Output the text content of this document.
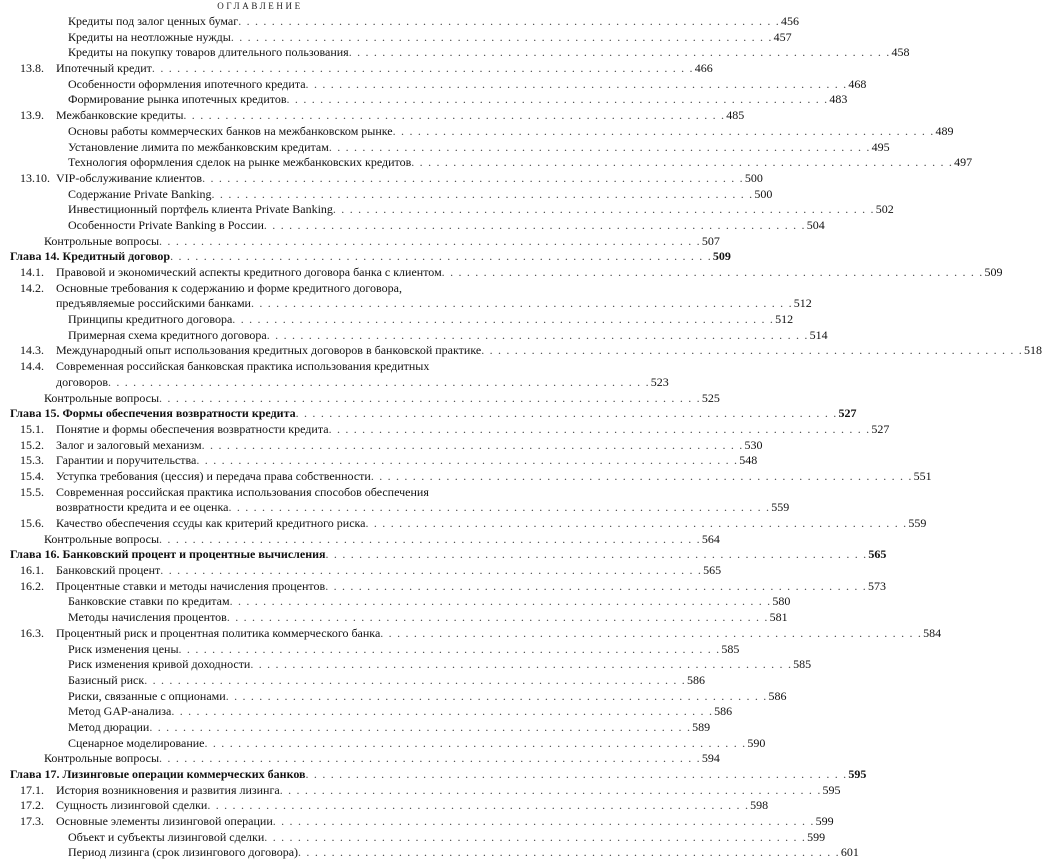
ОГЛАВЛЕНИЕ
Кредиты под залог ценных бумаг . . . . . . . . . . . . . . . . . . . . . . . . . . . . . . . . . . . . . . . . . . . . . . . . . . . . . . . . . . . . . . . . . 456
Кредиты на неотложные нужды . . . . . . . . . . . . . . . . . . . . . . . . . . . . . . . . . . . . . . . . . . . . . . . . . . . . . . . . . . . . . . . . . 457
Кредиты на покупку товаров длительного пользования . . . . . . . . . . . . . . . . . . . . . . . . . . . . . . . . . . . . . . . . . . . . . . . . . . . . . . . . . . . . . . . . . 458
13.8. Ипотечный кредит . . . . . . . . . . . . . . . . . . . . . . . . . . . . . . . . . . . . . . . . . . . . . . . . . . . . . . . . . . . . . . . . . 466
Особенности оформления ипотечного кредита . . . . . . . . . . . . . . . . . . . . . . . . . . . . . . . . . . . . . . . . . . . . . . . . . . . . . . . . . . . . . . . . . 468
Формирование рынка ипотечных кредитов . . . . . . . . . . . . . . . . . . . . . . . . . . . . . . . . . . . . . . . . . . . . . . . . . . . . . . . . . . . . . . . . . 483
13.9. Межбанковские кредиты . . . . . . . . . . . . . . . . . . . . . . . . . . . . . . . . . . . . . . . . . . . . . . . . . . . . . . . . . . . . . . . . . 485
Основы работы коммерческих банков на межбанковском рынке . . . . . . . . . . . . . . . . . . . . . . . . . . . . . . . . . . . . . . . . . . . . . . . . . . . . . . . . . . . . . . . . . 489
Установление лимита по межбанковским кредитам . . . . . . . . . . . . . . . . . . . . . . . . . . . . . . . . . . . . . . . . . . . . . . . . . . . . . . . . . . . . . . . . . 495
Технология оформления сделок на рынке межбанковских кредитов . . . . . . . . . . . . . . . . . . . . . . . . . . . . . . . . . . . . . . . . . . . . . . . . . . . . . . . . . . . . . . . . . 497
13.10. VIP-обслуживание клиентов . . . . . . . . . . . . . . . . . . . . . . . . . . . . . . . . . . . . . . . . . . . . . . . . . . . . . . . . . . . . . . . . . 500
Содержание Private Banking . . . . . . . . . . . . . . . . . . . . . . . . . . . . . . . . . . . . . . . . . . . . . . . . . . . . . . . . . . . . . . . . . 500
Инвестиционный портфель клиента Private Banking . . . . . . . . . . . . . . . . . . . . . . . . . . . . . . . . . . . . . . . . . . . . . . . . . . . . . . . . . . . . . . . . . 502
Особенности Private Banking в России . . . . . . . . . . . . . . . . . . . . . . . . . . . . . . . . . . . . . . . . . . . . . . . . . . . . . . . . . . . . . . . . . 504
Контрольные вопросы . . . . . . . . . . . . . . . . . . . . . . . . . . . . . . . . . . . . . . . . . . . . . . . . . . . . . . . . . . . . . . . . . 507
Глава 14. Кредитный договор . . . . . . . . . . . . . . . . . . . . . . . . . . . . . . . . . . . . . . . . . . . . . . . . . . . . . . . . . . . . . . . . . 509
14.1. Правовой и экономический аспекты кредитного договора банка с клиентом . . . . . . . . . . . . . . . . . . . . . . . . . . . . . . . . . . . . . . . . . . . . . . . . . . . . . . . . . . . . . . . . . 509
14.2. Основные требования к содержанию и форме кредитного договора,
предъявляемые российскими банками . . . . . . . . . . . . . . . . . . . . . . . . . . . . . . . . . . . . . . . . . . . . . . . . . . . . . . . . . . . . . . . . . 512
Принципы кредитного договора . . . . . . . . . . . . . . . . . . . . . . . . . . . . . . . . . . . . . . . . . . . . . . . . . . . . . . . . . . . . . . . . . 512
Примерная схема кредитного договора . . . . . . . . . . . . . . . . . . . . . . . . . . . . . . . . . . . . . . . . . . . . . . . . . . . . . . . . . . . . . . . . . 514
14.3. Международный опыт использования кредитных договоров в банковской практике . . . . . . . . . . . . . . . . . . . . . . . . . . . . . . . . . . . . . . . . . . . . . . . . . . . . . . . . . . . . . . . . . 518
14.4. Современная российская банковская практика использования кредитных
договоров . . . . . . . . . . . . . . . . . . . . . . . . . . . . . . . . . . . . . . . . . . . . . . . . . . . . . . . . . . . . . . . . . 523
Контрольные вопросы . . . . . . . . . . . . . . . . . . . . . . . . . . . . . . . . . . . . . . . . . . . . . . . . . . . . . . . . . . . . . . . . . 525
Глава 15. Формы обеспечения возвратности кредита . . . . . . . . . . . . . . . . . . . . . . . . . . . . . . . . . . . . . . . . . . . . . . . . . . . . . . . . . . . . . . . . . 527
15.1. Понятие и формы обеспечения возвратности кредита . . . . . . . . . . . . . . . . . . . . . . . . . . . . . . . . . . . . . . . . . . . . . . . . . . . . . . . . . . . . . . . . . 527
15.2. Залог и залоговый механизм . . . . . . . . . . . . . . . . . . . . . . . . . . . . . . . . . . . . . . . . . . . . . . . . . . . . . . . . . . . . . . . . . 530
15.3. Гарантии и поручительства . . . . . . . . . . . . . . . . . . . . . . . . . . . . . . . . . . . . . . . . . . . . . . . . . . . . . . . . . . . . . . . . . 548
15.4. Уступка требования (цессия) и передача права собственности . . . . . . . . . . . . . . . . . . . . . . . . . . . . . . . . . . . . . . . . . . . . . . . . . . . . . . . . . . . . . . . . . 551
15.5. Современная российская практика использования способов обеспечения
возвратности кредита и ее оценка . . . . . . . . . . . . . . . . . . . . . . . . . . . . . . . . . . . . . . . . . . . . . . . . . . . . . . . . . . . . . . . . . 559
15.6. Качество обеспечения ссуды как критерий кредитного риска . . . . . . . . . . . . . . . . . . . . . . . . . . . . . . . . . . . . . . . . . . . . . . . . . . . . . . . . . . . . . . . . . 559
Контрольные вопросы . . . . . . . . . . . . . . . . . . . . . . . . . . . . . . . . . . . . . . . . . . . . . . . . . . . . . . . . . . . . . . . . . 564
Глава 16. Банковский процент и процентные вычисления . . . . . . . . . . . . . . . . . . . . . . . . . . . . . . . . . . . . . . . . . . . . . . . . . . . . . . . . . . . . . . . . . 565
16.1. Банковский процент . . . . . . . . . . . . . . . . . . . . . . . . . . . . . . . . . . . . . . . . . . . . . . . . . . . . . . . . . . . . . . . . . 565
16.2. Процентные ставки и методы начисления процентов . . . . . . . . . . . . . . . . . . . . . . . . . . . . . . . . . . . . . . . . . . . . . . . . . . . . . . . . . . . . . . . . . 573
Банковские ставки по кредитам . . . . . . . . . . . . . . . . . . . . . . . . . . . . . . . . . . . . . . . . . . . . . . . . . . . . . . . . . . . . . . . . . 580
Методы начисления процентов . . . . . . . . . . . . . . . . . . . . . . . . . . . . . . . . . . . . . . . . . . . . . . . . . . . . . . . . . . . . . . . . . 581
16.3. Процентный риск и процентная политика коммерческого банка . . . . . . . . . . . . . . . . . . . . . . . . . . . . . . . . . . . . . . . . . . . . . . . . . . . . . . . . . . . . . . . . . 584
Риск изменения цены . . . . . . . . . . . . . . . . . . . . . . . . . . . . . . . . . . . . . . . . . . . . . . . . . . . . . . . . . . . . . . . . . 585
Риск изменения кривой доходности . . . . . . . . . . . . . . . . . . . . . . . . . . . . . . . . . . . . . . . . . . . . . . . . . . . . . . . . . . . . . . . . . 585
Базисный риск . . . . . . . . . . . . . . . . . . . . . . . . . . . . . . . . . . . . . . . . . . . . . . . . . . . . . . . . . . . . . . . . . 586
Риски, связанные с опционами . . . . . . . . . . . . . . . . . . . . . . . . . . . . . . . . . . . . . . . . . . . . . . . . . . . . . . . . . . . . . . . . . 586
Метод GAP-анализа . . . . . . . . . . . . . . . . . . . . . . . . . . . . . . . . . . . . . . . . . . . . . . . . . . . . . . . . . . . . . . . . . 586
Метод дюрации . . . . . . . . . . . . . . . . . . . . . . . . . . . . . . . . . . . . . . . . . . . . . . . . . . . . . . . . . . . . . . . . . 589
Сценарное моделирование . . . . . . . . . . . . . . . . . . . . . . . . . . . . . . . . . . . . . . . . . . . . . . . . . . . . . . . . . . . . . . . . . 590
Контрольные вопросы . . . . . . . . . . . . . . . . . . . . . . . . . . . . . . . . . . . . . . . . . . . . . . . . . . . . . . . . . . . . . . . . . 594
Глава 17. Лизинговые операции коммерческих банков . . . . . . . . . . . . . . . . . . . . . . . . . . . . . . . . . . . . . . . . . . . . . . . . . . . . . . . . . . . . . . . . . 595
17.1. История возникновения и развития лизинга . . . . . . . . . . . . . . . . . . . . . . . . . . . . . . . . . . . . . . . . . . . . . . . . . . . . . . . . . . . . . . . . . 595
17.2. Сущность лизинговой сделки . . . . . . . . . . . . . . . . . . . . . . . . . . . . . . . . . . . . . . . . . . . . . . . . . . . . . . . . . . . . . . . . . 598
17.3. Основные элементы лизинговой операции . . . . . . . . . . . . . . . . . . . . . . . . . . . . . . . . . . . . . . . . . . . . . . . . . . . . . . . . . . . . . . . . . 599
Объект и субъекты лизинговой сделки . . . . . . . . . . . . . . . . . . . . . . . . . . . . . . . . . . . . . . . . . . . . . . . . . . . . . . . . . . . . . . . . . 599
Период лизинга (срок лизингового договора) . . . . . . . . . . . . . . . . . . . . . . . . . . . . . . . . . . . . . . . . . . . . . . . . . . . . . . . . . . . . . . . . . 601
